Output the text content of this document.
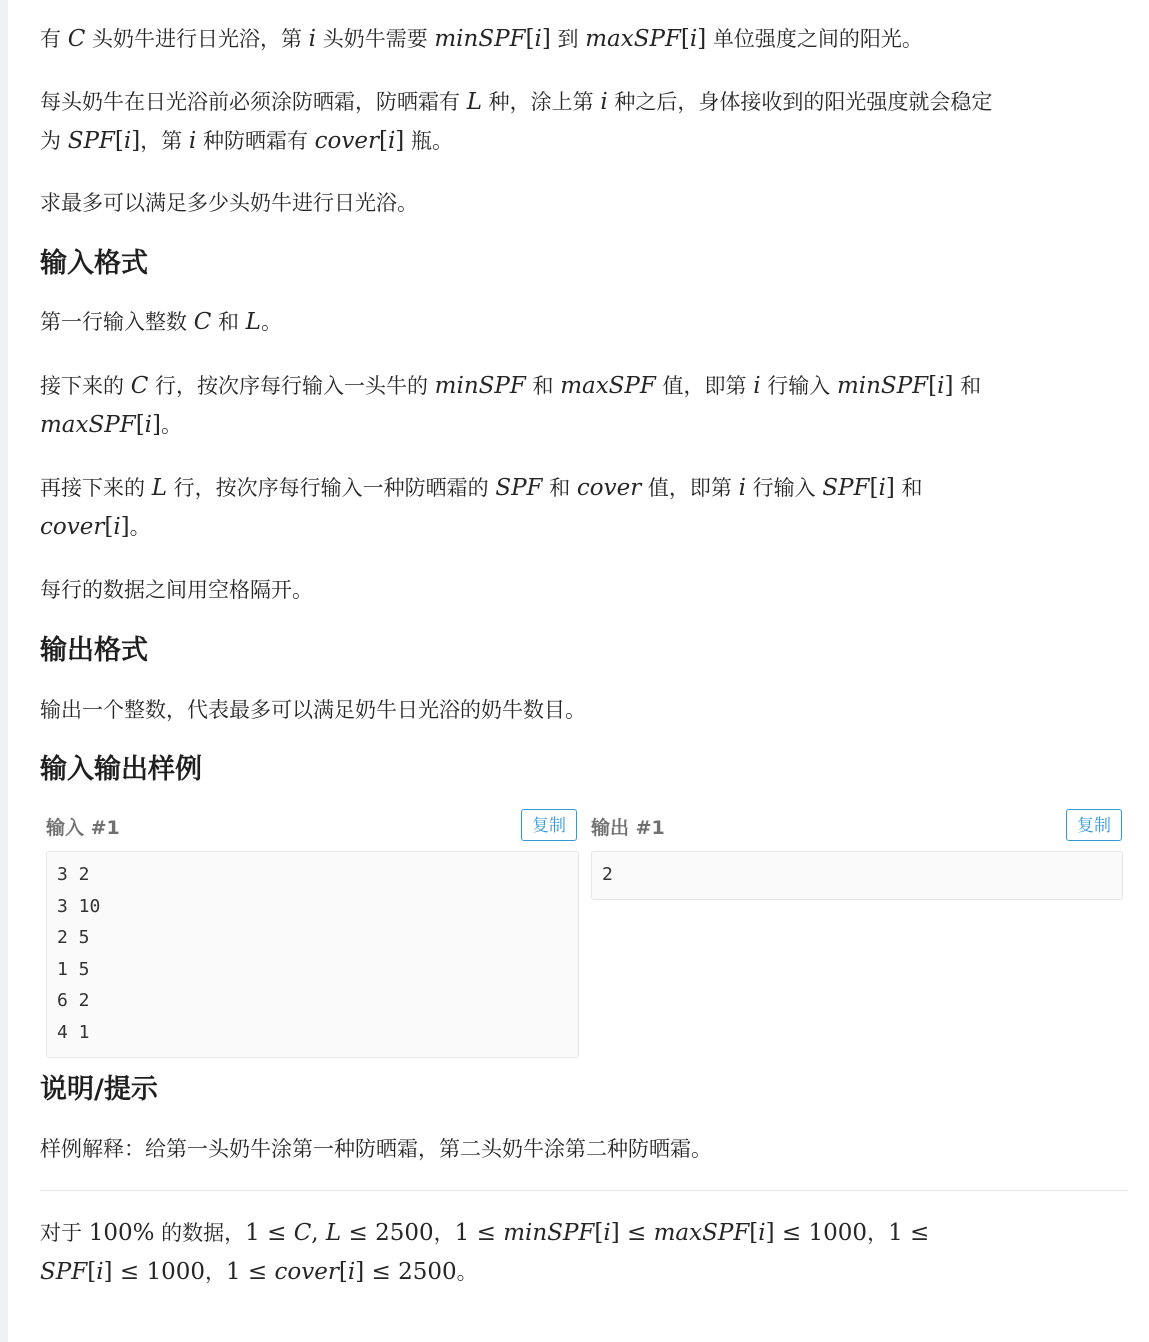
有 C 头奶牛进行日光浴，第 i 头奶牛需要 minSPF[i] 到 maxSPF[i] 单位强度之间的阳光。

每头奶牛在日光浴前必须涂防晒霜，防晒霜有 L 种，涂上第 i 种之后，身体接收到的阳光强度就会稳定

为 SPF[i]，第 i 种防晒霜有 cover[i] 瓶。

求最多可以满足多少头奶牛进行日光浴。

输入格式

第一行输入整数 C 和 L。

接下来的 C 行，按次序每行输入一头牛的 minSPF 和 maxSPF 值，即第 i 行输入 minSPF[i] 和

maxSPF[i]。

再接下来的 L 行，按次序每行输入一种防晒霜的 SPF 和 cover 值，即第 i 行输入 SPF[i] 和

cover[i]。

每行的数据之间用空格隔开。

输出格式

输出一个整数，代表最多可以满足奶牛日光浴的奶牛数目。

输入输出样例
输入 #1	复制
3 2
3 10
2 5
1 5
6 2
4 1
输出 #1	复制
2
说明/提示

样例解释：给第一头奶牛涂第一种防晒霜，第二头奶牛涂第二种防晒霜。

对于 100% 的数据，1 ≤ C, L ≤ 2500，1 ≤ minSPF[i] ≤ maxSPF[i] ≤ 1000，1 ≤

SPF[i] ≤ 1000，1 ≤ cover[i] ≤ 2500。
